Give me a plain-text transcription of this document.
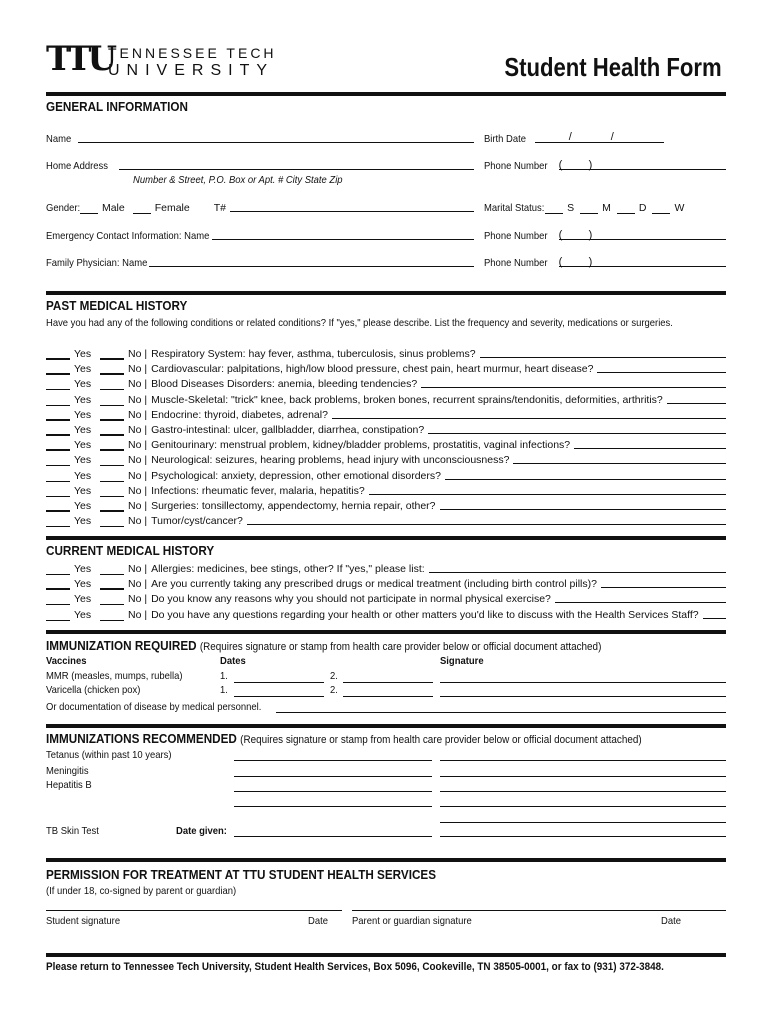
TTU
TENNESSEE TECH
UNIVERSITY	Student Health Form
GENERAL INFORMATION
Name	Birth Date	/	/
Home Address	Phone Number ( )
Number & Street, P.O. Box or Apt. # City State Zip
Gender: Male	Female T#	Marital Status: S	M	D	W
Emergency Contact Information: Name	Phone Number ( )
Family Physician: Name	Phone Number ( )
PAST MEDICAL HISTORY
Have you had any of the following conditions or related conditions? If "yes," please describe. List the frequency and severity, medications or surgeries.
Yes	No | Respiratory System: hay fever, asthma, tuberculosis, sinus problems?
Yes	No | Cardiovascular: palpitations, high/low blood pressure, chest pain, heart murmur, heart disease?
Yes	No | Blood Diseases Disorders: anemia, bleeding tendencies?
Yes	No | Muscle-Skeletal: "trick" knee, back problems, broken bones, recurrent sprains/tendonitis, deformities, arthritis?
Yes	No | Endocrine: thyroid, diabetes, adrenal?
Yes	No | Gastro-intestinal: ulcer, gallbladder, diarrhea, constipation?
Yes	No | Genitourinary: menstrual problem, kidney/bladder problems, prostatitis, vaginal infections?
Yes	No | Neurological: seizures, hearing problems, head injury with unconsciousness?
Yes	No | Psychological: anxiety, depression, other emotional disorders?
Yes	No | Infections: rheumatic fever, malaria, hepatitis?
Yes	No | Surgeries: tonsillectomy, appendectomy, hernia repair, other?
Yes	No | Tumor/cyst/cancer?
CURRENT MEDICAL HISTORY
Yes	No | Allergies: medicines, bee stings, other? If "yes," please list:
Yes	No | Are you currently taking any prescribed drugs or medical treatment (including birth control pills)?
Yes	No | Do you know any reasons why you should not participate in normal physical exercise?
Yes	No | Do you have any questions regarding your health or other matters you'd like to discuss with the Health Services Staff?
IMMUNIZATION REQUIRED (Requires signature or stamp from health care provider below or official document attached)
Vaccines	Dates	Signature
MMR (measles, mumps, rubella)	1.	2.
Varicella (chicken pox)	1.	2.
Or documentation of disease by medical personnel.
IMMUNIZATIONS RECOMMENDED (Requires signature or stamp from health care provider below or official document attached)
Tetanus (within past 10 years)
Meningitis
Hepatitis B
TB Skin Test	Date given:
PERMISSION FOR TREATMENT AT TTU STUDENT HEALTH SERVICES
(If under 18, co-signed by parent or guardian)
Student signature	Date Parent or guardian signature	Date
Please return to Tennessee Tech University, Student Health Services, Box 5096, Cookeville, TN 38505-0001, or fax to (931) 372-3848.
